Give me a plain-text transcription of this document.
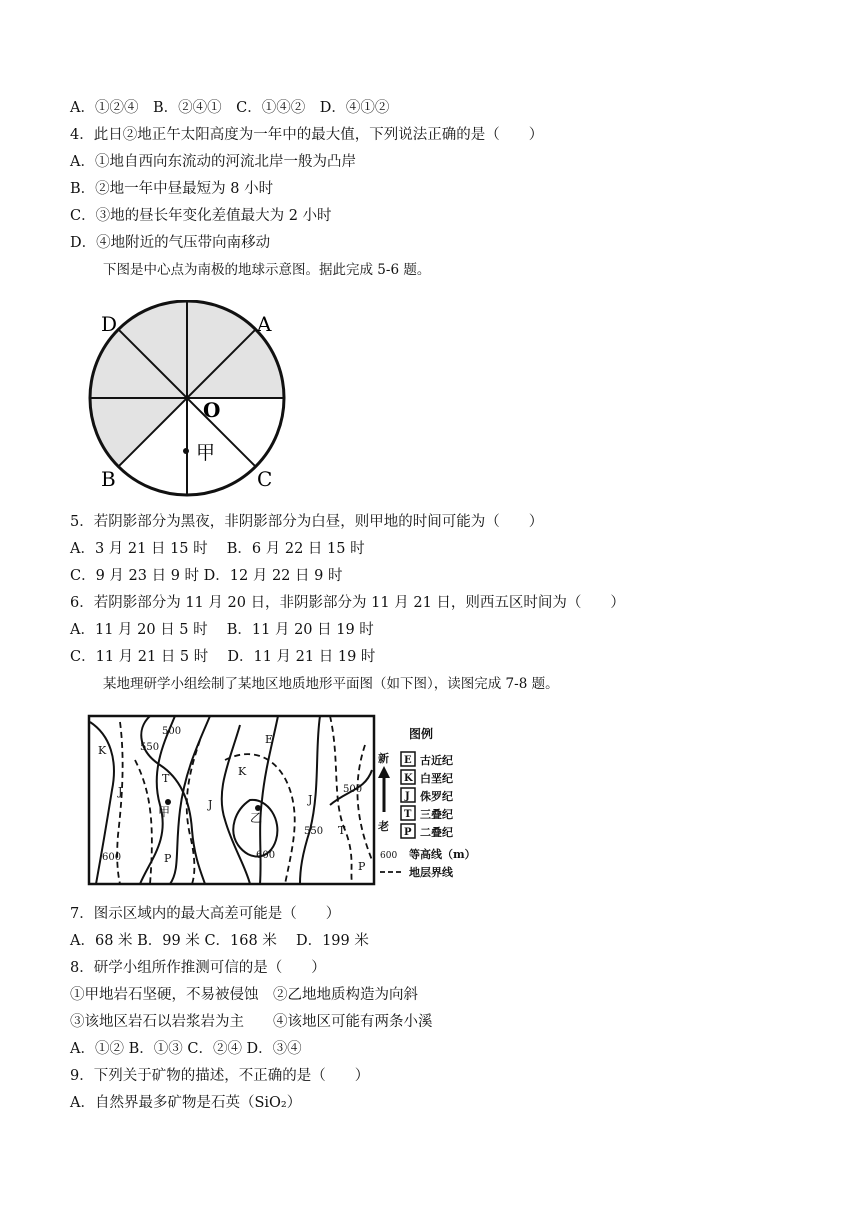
A．①②④　B．②④①　C．①④②　D．④①②
4．此日②地正午太阳高度为一年中的最大值，下列说法正确的是（　　）
A．①地自西向东流动的河流北岸一般为凸岸
B．②地一年中昼最短为 8 小时
C．③地的昼长年变化差值最大为 2 小时
D．④地附近的气压带向南移动
下图是中心点为南极的地球示意图。据此完成 5-6 题。
A
D
B	C
O
甲
5．若阴影部分为黑夜，非阴影部分为白昼，则甲地的时间可能为（　　）
A．3 月 21 日 15 时　 B．6 月 22 日 15 时
C．9 月 23 日 9 时 D．12 月 22 日 9 时
6．若阴影部分为 11 月 20 日，非阴影部分为 11 月 21 日，则西五区时间为（　　）
A．11 月 20 日 5 时　 B．11 月 20 日 19 时
C．11 月 21 日 5 时　 D．11 月 21 日 19 时
某地理研学小组绘制了某地区地质地形平面图（如下图），读图完成 7-8 题。
K
J
T
J
P
E
K
J
T
P
甲	乙
500
550
600	600
500
550
图例
新
老
E 古近纪
K 白垩纪
J 侏罗纪
T 三叠纪
P 二叠纪
600 等高线（m）
地层界线
7．图示区域内的最大高差可能是（　　）
A．68 米 B．99 米 C．168 米　 D．199 米
8．研学小组所作推测可信的是（　　）
①甲地岩石坚硬，不易被侵蚀　②乙地地质构造为向斜
③该地区岩石以岩浆岩为主　　④该地区可能有两条小溪
A．①② B．①③ C．②④ D．③④
9．下列关于矿物的描述，不正确的是（　　）
A．自然界最多矿物是石英（SiO₂）
